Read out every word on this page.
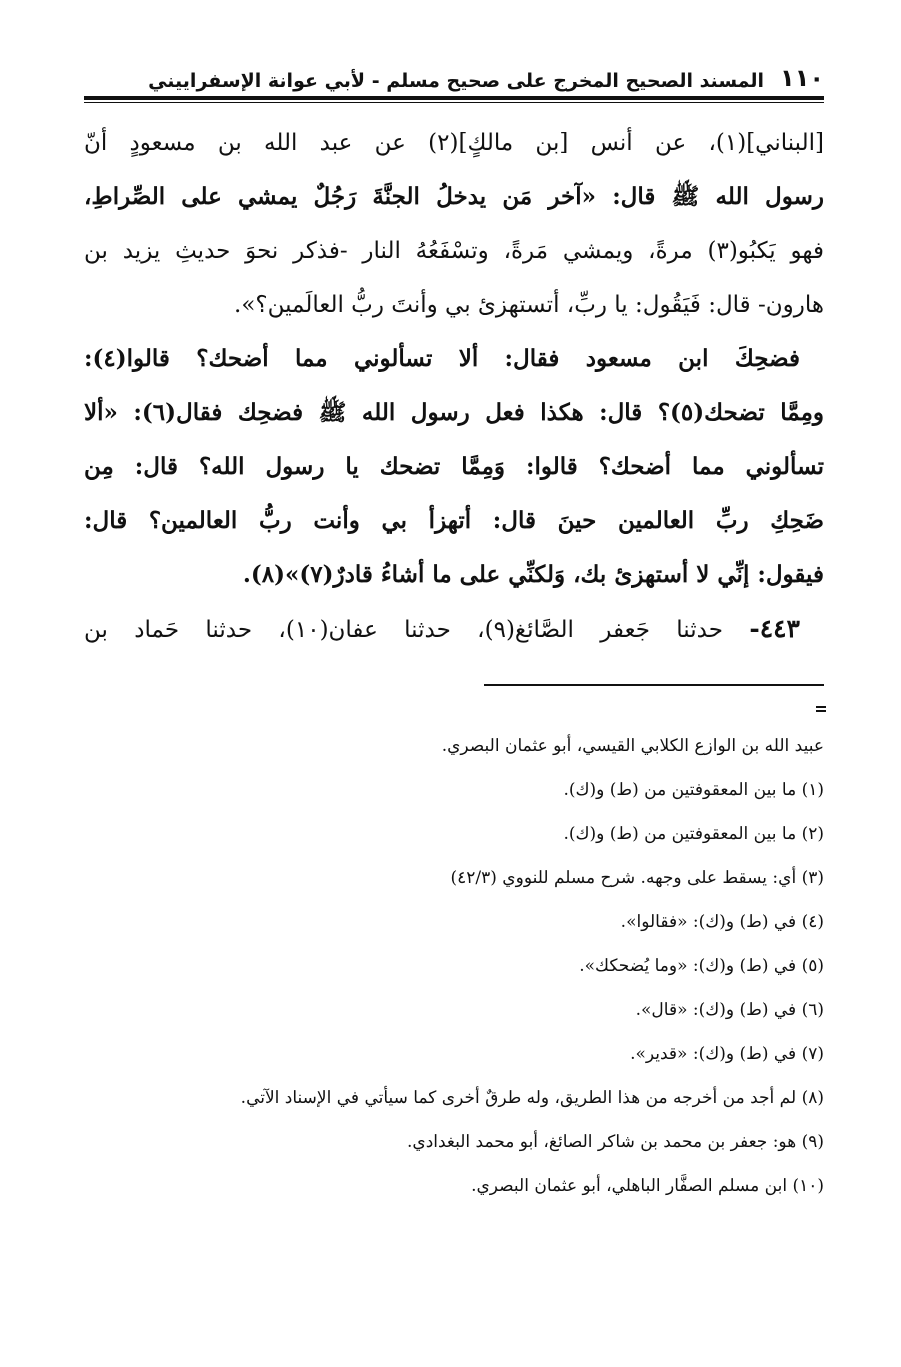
١١٠
المسند الصحيح المخرج على صحيح مسلم - لأبي عوانة الإسفراييني
[البناني](١)، عن أنس [بن مالكٍ](٢) عن عبد الله بن مسعودٍ أنّ
رسول الله ﷺ قال: «آخر مَن يدخلُ الجنَّةَ رَجُلٌ يمشي على الصِّراطِ،
فهو يَكبُو(٣) مرةً، ويمشي مَرةً، وتسْفَعُهُ النار -فذكر نحوَ حديثِ يزيد بن
هارون- قال: فَيَقُول: يا ربِّ، أتستهزئ بي وأنتَ ربُّ العالَمين؟».
فضحِكَ ابن مسعود فقال: ألا تسألوني مما أضحك؟ قالوا(٤):
ومِمَّا تضحك(٥)؟ قال: هكذا فعل رسول الله ﷺ فضحِك فقال(٦): «ألا
تسألوني مما أضحك؟ قالوا: وَمِمَّا تضحك يا رسول الله؟ قال: مِن
ضَحِكِ ربِّ العالمين حينَ قال: أتهزأ بي وأنت ربُّ العالمين؟ قال:
فيقول: إنِّي لا أستهزئ بك، وَلكنِّي على ما أشاءُ قادرٌ(٧)»(٨).
٤٤٣- حدثنا جَعفر الصَّائغ(٩)، حدثنا عفان(١٠)، حدثنا حَماد بن
عبيد الله بن الوازع الكلابي القيسي، أبو عثمان البصري.
(١) ما بين المعقوفتين من (ط) و(ك).
(٢) ما بين المعقوفتين من (ط) و(ك).
(٣) أي: يسقط على وجهه. شرح مسلم للنووي (٤٢/٣)
(٤) في (ط) و(ك): «فقالوا».
(٥) في (ط) و(ك): «وما يُضحكك».
(٦) في (ط) و(ك): «قال».
(٧) في (ط) و(ك): «قدير».
(٨) لم أجد من أخرجه من هذا الطريق، وله طرقٌ أخرى كما سيأتي في الإسناد الآتي.
(٩) هو: جعفر بن محمد بن شاكر الصائغ، أبو محمد البغدادي.
(١٠) ابن مسلم الصفَّار الباهلي، أبو عثمان البصري.
